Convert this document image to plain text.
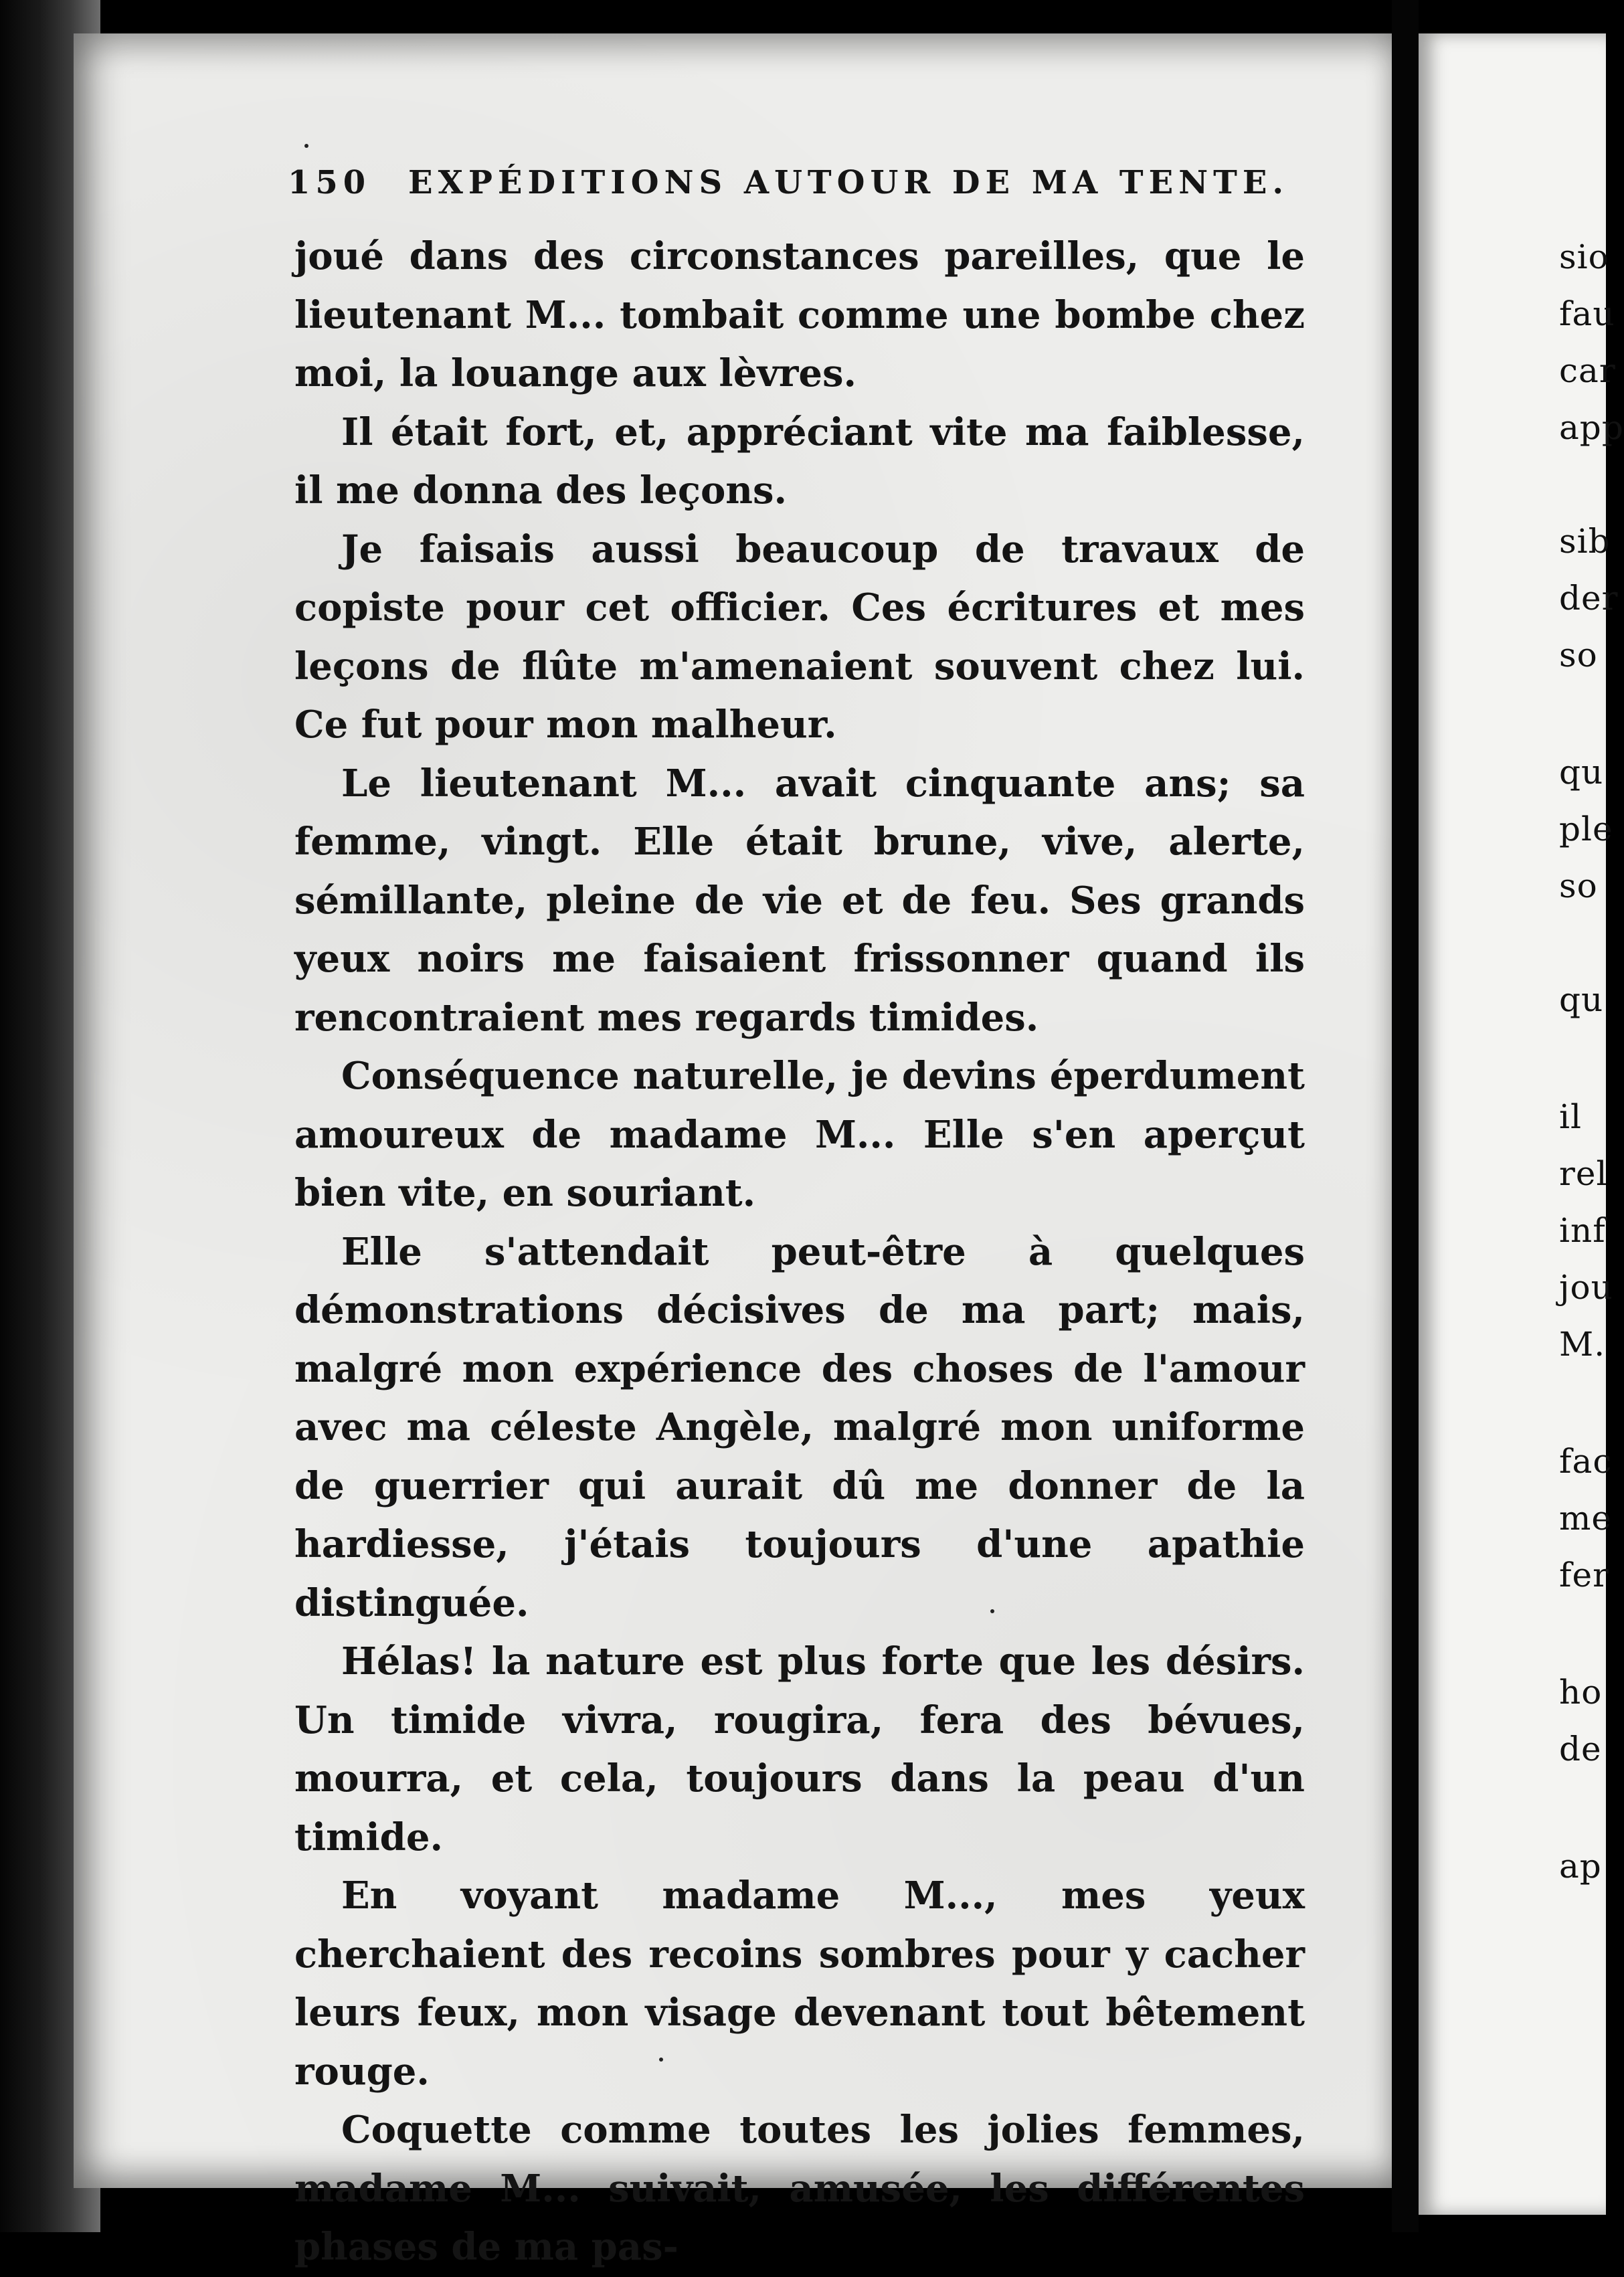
150 EXPÉDITIONS AUTOUR DE MA TENTE.

joué dans des circonstances pareilles, que le lieutenant M... tombait comme une bombe chez moi, la louange aux lèvres.

Il était fort, et, appréciant vite ma faiblesse, il me donna des leçons.

Je faisais aussi beaucoup de travaux de copiste pour cet officier. Ces écritures et mes leçons de flûte m'amenaient souvent chez lui. Ce fut pour mon malheur.

Le lieutenant M... avait cinquante ans; sa femme, vingt. Elle était brune, vive, alerte, sémillante, pleine de vie et de feu. Ses grands yeux noirs me faisaient frissonner quand ils rencontraient mes regards timides.

Conséquence naturelle, je devins éperdument amoureux de madame M... Elle s'en aperçut bien vite, en souriant.

Elle s'attendait peut-être à quelques démonstrations décisives de ma part; mais, malgré mon expérience des choses de l'amour avec ma céleste Angèle, malgré mon uniforme de guerrier qui aurait dû me donner de la hardiesse, j'étais toujours d'une apathie distinguée.

Hélas! la nature est plus forte que les désirs. Un timide vivra, rougira, fera des bévues, mourra, et cela, toujours dans la peau d'un timide.

En voyant madame M..., mes yeux cherchaient des recoins sombres pour y cacher leurs feux, mon visage devenant tout bêtement rouge.

Coquette comme toutes les jolies femmes, madame M... suivait, amusée, les différentes phases de ma pas-

sio
fau
car
app
sib
der
so
qu
ple
so
qu
il
rel
inf
jou
M.
fac
me
fer
ho
de
ap
